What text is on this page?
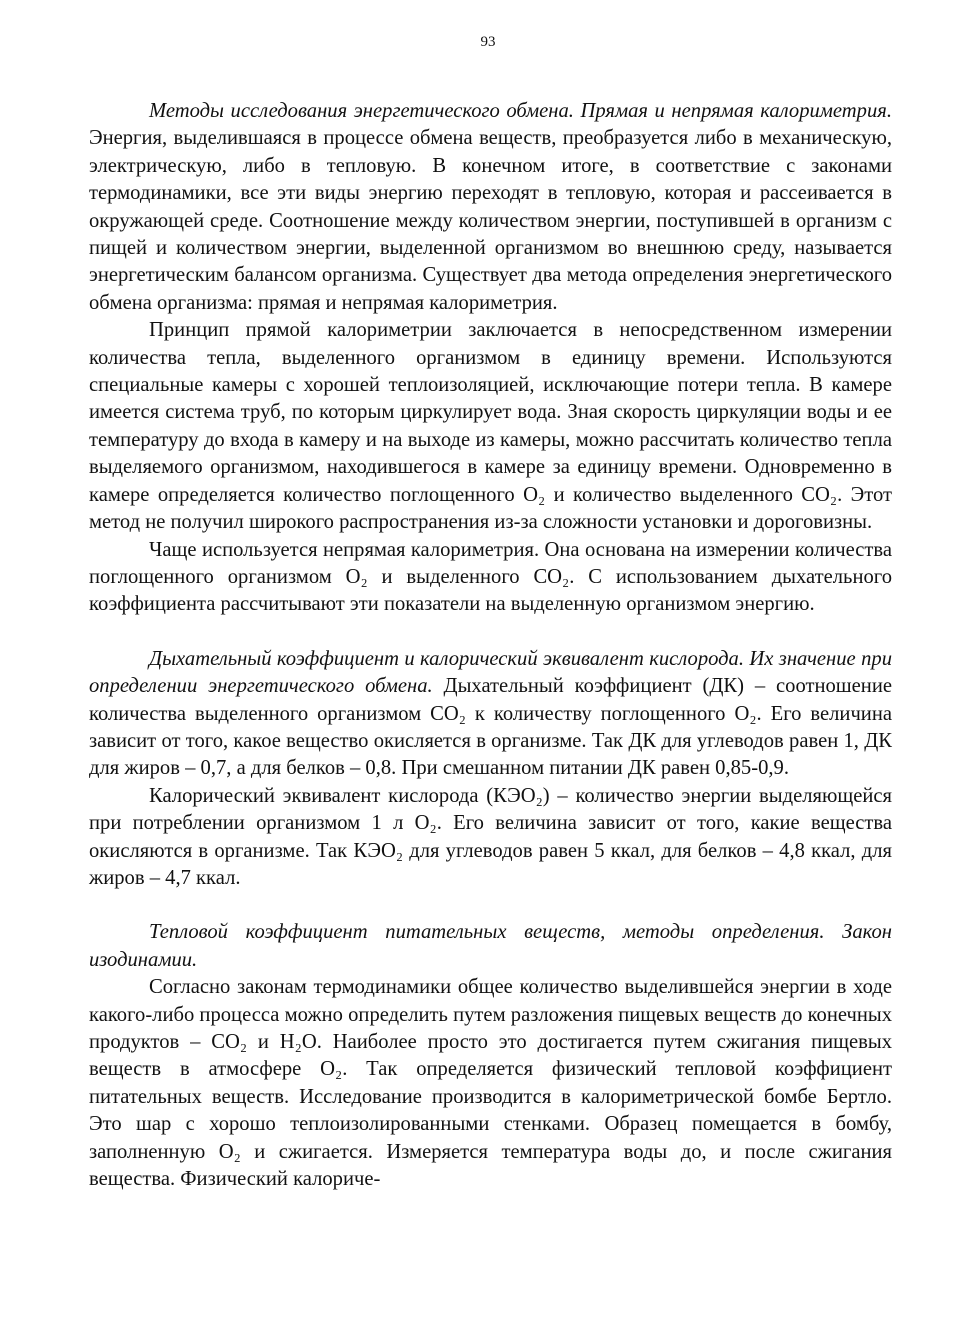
93

Методы исследования энергетического обмена. Прямая и непрямая калориметрия. Энергия, выделившаяся в процессе обмена веществ, преобразуется либо в механическую, электрическую, либо в тепловую. В конечном итоге, в соответствие с законами термодинамики, все эти виды энергию переходят в тепловую, которая и рассеивается в окружающей среде. Соотношение между количеством энергии, поступившей в организм с пищей и количеством энергии, выделенной организмом во внешнюю среду, называется энергетическим балансом организма. Существует два метода определения энергетического обмена организма: прямая и непрямая калориметрия.

Принцип прямой калориметрии заключается в непосредственном измерении количества тепла, выделенного организмом в единицу времени. Используются специальные камеры с хорошей теплоизоляцией, исключающие потери тепла. В камере имеется система труб, по которым циркулирует вода. Зная скорость циркуляции воды и ее температуру до входа в камеру и на выходе из камеры, можно рассчитать количество тепла выделяемого организмом, находившегося в камере за единицу времени. Одновременно в камере определяется количество поглощенного O₂ и количество выделенного CO₂. Этот метод не получил широкого распространения из-за сложности установки и дороговизны.

Чаще используется непрямая калориметрия. Она основана на измерении количества поглощенного организмом O₂ и выделенного CO₂. С использованием дыхательного коэффициента рассчитывают эти показатели на выделенную организмом энергию.

Дыхательный коэффициент и калорический эквивалент кислорода. Их значение при определении энергетического обмена. Дыхательный коэффициент (ДК) – соотношение количества выделенного организмом CO₂ к количеству поглощенного O₂. Его величина зависит от того, какое вещество окисляется в организме. Так ДК для углеводов равен 1, ДК для жиров – 0,7, а для белков – 0,8. При смешанном питании ДК равен 0,85-0,9.

Калорический эквивалент кислорода (КЭO₂) – количество энергии выделяющейся при потреблении организмом 1 л O₂. Его величина зависит от того, какие вещества окисляются в организме. Так КЭO₂ для углеводов равен 5 ккал, для белков – 4,8 ккал, для жиров – 4,7 ккал.

Тепловой коэффициент питательных веществ, методы определения. Закон изодинамии.

Согласно законам термодинамики общее количество выделившейся энергии в ходе какого-либо процесса можно определить путем разложения пищевых веществ до конечных продуктов – CO₂ и H₂O. Наиболее просто это достигается путем сжигания пищевых веществ в атмосфере O₂. Так определяется физический тепловой коэффициент питательных веществ. Исследование производится в калориметрической бомбе Бертло. Это шар с хорошо теплоизолированными стенками. Образец помещается в бомбу, заполненную O₂ и сжигается. Измеряется температура воды до, и после сжигания вещества. Физический калориче-
